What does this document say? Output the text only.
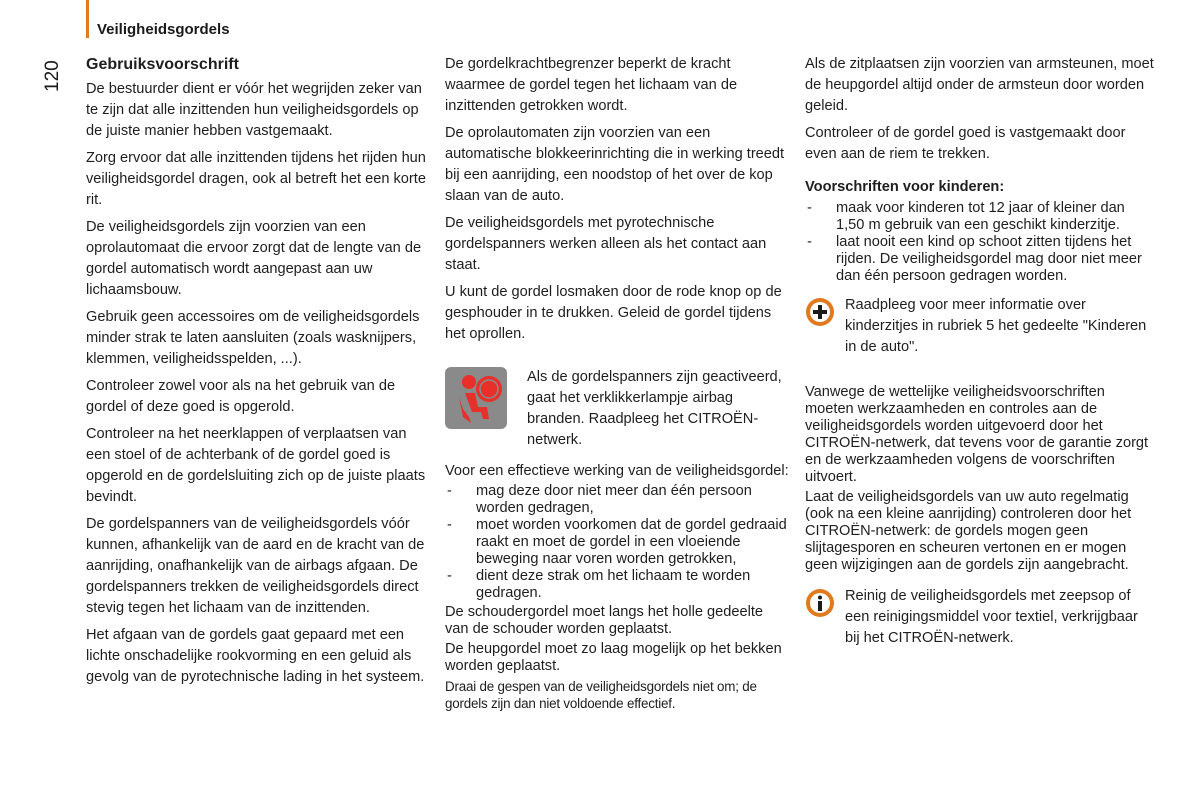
Veiligheidsgordels
120 Gebruiksvoorschrift

De bestuurder dient er vóór het wegrijden zeker van te zijn dat alle inzittenden hun veiligheidsgordels op de juiste manier hebben vastgemaakt.

Zorg ervoor dat alle inzittenden tijdens het rijden hun veiligheidsgordel dragen, ook al betreft het een korte rit.

De veiligheidsgordels zijn voorzien van een oprolautomaat die ervoor zorgt dat de lengte van de gordel automatisch wordt aangepast aan uw lichaamsbouw.

Gebruik geen accessoires om de veiligheidsgordels minder strak te laten aansluiten (zoals wasknijpers, klemmen, veiligheidsspelden, ...).

Controleer zowel voor als na het gebruik van de gordel of deze goed is opgerold.

Controleer na het neerklappen of verplaatsen van een stoel of de achterbank of de gordel goed is opgerold en de gordelsluiting zich op de juiste plaats bevindt.

De gordelspanners van de veiligheidsgordels vóór kunnen, afhankelijk van de aard en de kracht van de aanrijding, onafhankelijk van de airbags afgaan. De gordelspanners trekken de veiligheidsgordels direct stevig tegen het lichaam van de inzittenden.

Het afgaan van de gordels gaat gepaard met een lichte onschadelijke rookvorming en een geluid als gevolg van de pyrotechnische lading in het systeem.

De gordelkrachtbegrenzer beperkt de kracht waarmee de gordel tegen het lichaam van de inzittenden getrokken wordt.

De oprolautomaten zijn voorzien van een automatische blokkeerinrichting die in werking treedt bij een aanrijding, een noodstop of het over de kop slaan van de auto.

De veiligheidsgordels met pyrotechnische gordelspanners werken alleen als het contact aan staat.

U kunt de gordel losmaken door de rode knop op de gesphouder in te drukken. Geleid de gordel tijdens het oprollen.

Als de gordelspanners zijn geactiveerd, gaat het verklikkerlampje airbag branden. Raadpleeg het CITROËN-netwerk.

Voor een effectieve werking van de veiligheidsgordel:

- mag deze door niet meer dan één persoon worden gedragen,
- moet worden voorkomen dat de gordel gedraaid raakt en moet de gordel in een vloeiende beweging naar voren worden getrokken,
- dient deze strak om het lichaam te worden gedragen.

De schoudergordel moet langs het holle gedeelte van de schouder worden geplaatst.

De heupgordel moet zo laag mogelijk op het bekken worden geplaatst.

Draai de gespen van de veiligheidsgordels niet om; de gordels zijn dan niet voldoende effectief.

Als de zitplaatsen zijn voorzien van armsteunen, moet de heupgordel altijd onder de armsteun door worden geleid.

Controleer of de gordel goed is vastgemaakt door even aan de riem te trekken.

Voorschriften voor kinderen:
- maak voor kinderen tot 12 jaar of kleiner dan 1,50 m gebruik van een geschikt kinderzitje.
- laat nooit een kind op schoot zitten tijdens het rijden. De veiligheidsgordel mag door niet meer dan één persoon gedragen worden.
Raadpleeg voor meer informatie over kinderzitjes in rubriek 5 het gedeelte "Kinderen in de auto".

Vanwege de wettelijke veiligheidsvoorschriften moeten werkzaamheden en controles aan de veiligheidsgordels worden uitgevoerd door het CITROËN-netwerk, dat tevens voor de garantie zorgt en de werkzaamheden volgens de voorschriften uitvoert.

Laat de veiligheidsgordels van uw auto regelmatig (ook na een kleine aanrijding) controleren door het CITROËN-netwerk: de gordels mogen geen slijtagesporen en scheuren vertonen en er mogen geen wijzigingen aan de gordels zijn aangebracht.

Reinig de veiligheidsgordels met zeepsop of een reinigingsmiddel voor textiel, verkrijgbaar bij het CITROËN-netwerk.
